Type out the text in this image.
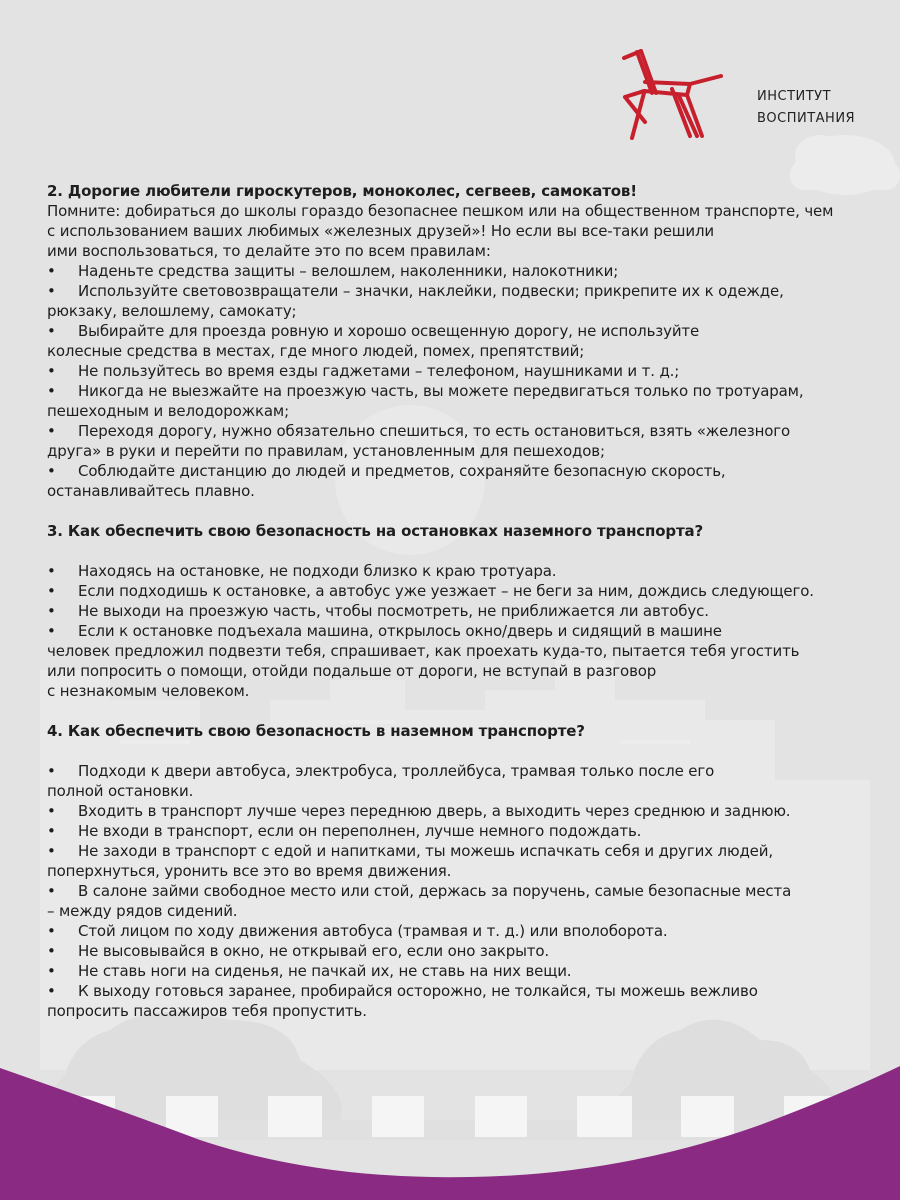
ИНСТИТУТ
ВОСПИТАНИЯ
2. Дорогие любители гироскутеров, моноколес, сегвеев, самокатов!
Помните: добираться до школы гораздо безопаснее пешком или на общественном транспорте, чем
с использованием ваших любимых «железных друзей»! Но если вы все-таки решили
ими воспользоваться, то делайте это по всем правилам:
• Наденьте средства защиты – велошлем, наколенники, налокотники;
• Используйте световозвращатели – значки, наклейки, подвески; прикрепите их к одежде,
рюкзаку, велошлему, самокату;
• Выбирайте для проезда ровную и хорошо освещенную дорогу, не используйте
колесные средства в местах, где много людей, помех, препятствий;
• Не пользуйтесь во время езды гаджетами – телефоном, наушниками и т. д.;
• Никогда не выезжайте на проезжую часть, вы можете передвигаться только по тротуарам,
пешеходным и велодорожкам;
• Переходя дорогу, нужно обязательно спешиться, то есть остановиться, взять «железного
друга» в руки и перейти по правилам, установленным для пешеходов;
• Соблюдайте дистанцию до людей и предметов, сохраняйте безопасную скорость,
останавливайтесь плавно.
3. Как обеспечить свою безопасность на остановках наземного транспорта?
• Находясь на остановке, не подходи близко к краю тротуара.
• Если подходишь к остановке, а автобус уже уезжает – не беги за ним, дождись следующего.
• Не выходи на проезжую часть, чтобы посмотреть, не приближается ли автобус.
• Если к остановке подъехала машина, открылось окно/дверь и сидящий в машине
человек предложил подвезти тебя, спрашивает, как проехать куда-то, пытается тебя угостить
или попросить о помощи, отойди подальше от дороги, не вступай в разговор
с незнакомым человеком.
4. Как обеспечить свою безопасность в наземном транспорте?
• Подходи к двери автобуса, электробуса, троллейбуса, трамвая только после его
полной остановки.
• Входить в транспорт лучше через переднюю дверь, а выходить через среднюю и заднюю.
• Не входи в транспорт, если он переполнен, лучше немного подождать.
• Не заходи в транспорт с едой и напитками, ты можешь испачкать себя и других людей,
поперхнуться, уронить все это во время движения.
• В салоне займи свободное место или стой, держась за поручень, самые безопасные места
– между рядов сидений.
• Стой лицом по ходу движения автобуса (трамвая и т. д.) или вполоборота.
• Не высовывайся в окно, не открывай его, если оно закрыто.
• Не ставь ноги на сиденья, не пачкай их, не ставь на них вещи.
• К выходу готовься заранее, пробирайся осторожно, не толкайся, ты можешь вежливо
попросить пассажиров тебя пропустить.
